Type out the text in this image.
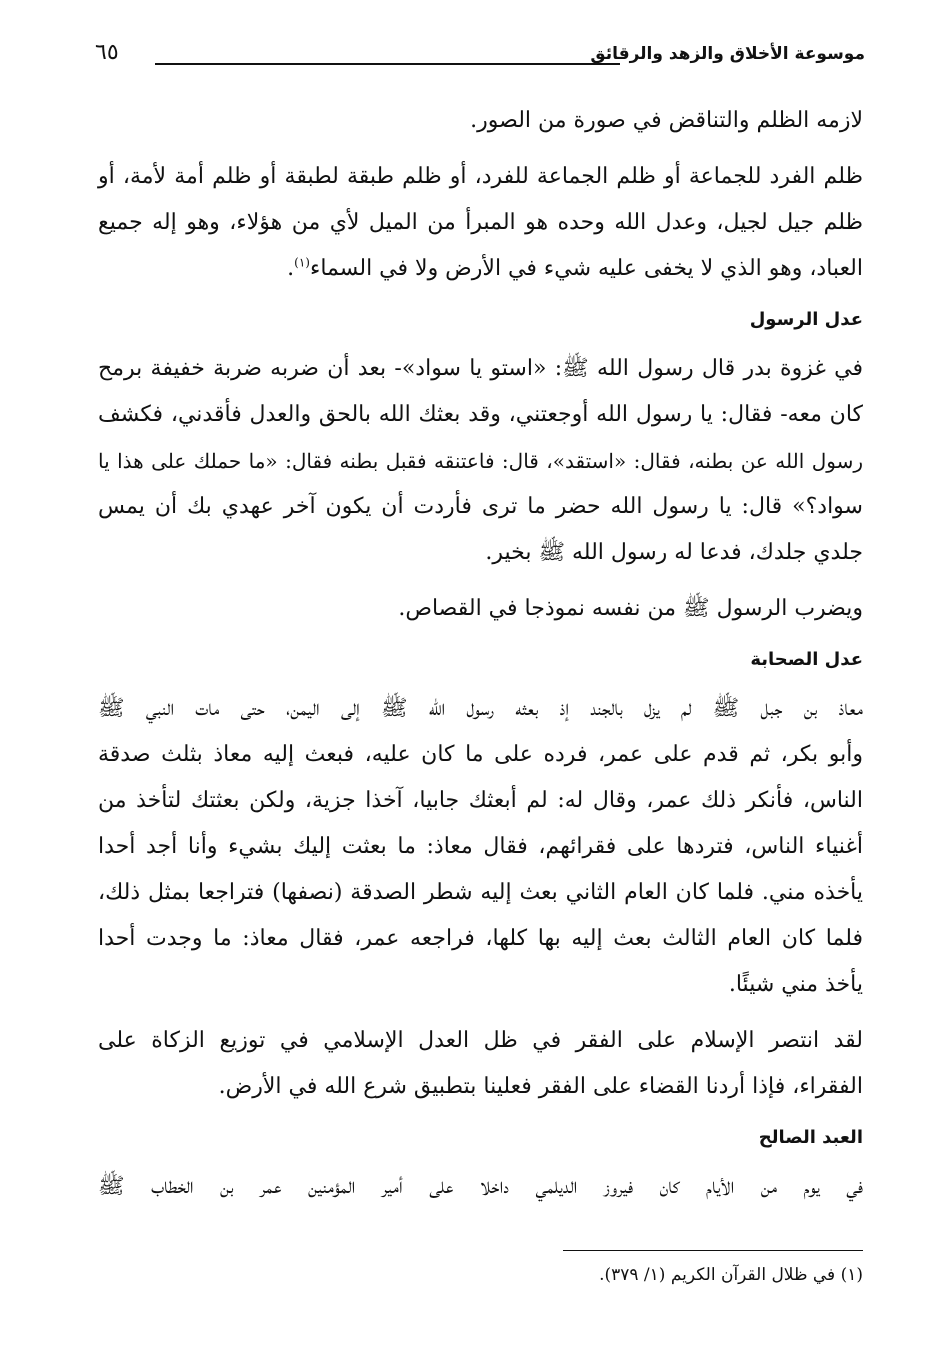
موسوعة الأخلاق والزهد والرقائق
٦٥

لازمه الظلم والتناقض في صورة من الصور.

ظلم الفرد للجماعة أو ظلم الجماعة للفرد، أو ظلم طبقة لطبقة أو ظلم أمة لأمة، أو
ظلم جيل لجيل، وعدل الله وحده هو المبرأ من الميل لأي من هؤلاء، وهو إله جميع
العباد، وهو الذي لا يخفى عليه شيء في الأرض ولا في السماء$^{(١)}$.

عدل الرسول

في غزوة بدر قال رسول الله ﷺ: «استو يا سواد»- بعد أن ضربه ضربة خفيفة برمح
كان معه- فقال: يا رسول الله أوجعتني، وقد بعثك الله بالحق والعدل فأقدني، فكشف
رسول الله عن بطنه، فقال: «استقد»، قال: فاعتنقه فقبل بطنه فقال: «ما حملك على هذا يا
سواد؟» قال: يا رسول الله حضر ما ترى فأردت أن يكون آخر عهدي بك أن يمس
جلدي جلدك، فدعا له رسول الله ﷺ بخير.

ويضرب الرسول ﷺ من نفسه نموذجا في القصاص.

عدل الصحابة

معاذ بن جبل ﷺ لم يزل بالجند إذ بعثه رسول الله ﷺ إلى اليمن، حتى مات النبي ﷺ
وأبو بكر، ثم قدم على عمر، فرده على ما كان عليه، فبعث إليه معاذ بثلث صدقة
الناس، فأنكر ذلك عمر، وقال له: لم أبعثك جابيا، آخذا جزية، ولكن بعثتك لتأخذ من
أغنياء الناس، فتردها على فقرائهم، فقال معاذ: ما بعثت إليك بشيء وأنا أجد أحدا
يأخذه مني. فلما كان العام الثاني بعث إليه شطر الصدقة (نصفها) فتراجعا بمثل ذلك،
فلما كان العام الثالث بعث إليه بها كلها، فراجعه عمر، فقال معاذ: ما وجدت أحدا
يأخذ مني شيئًا.

لقد انتصر الإسلام على الفقر في ظل العدل الإسلامي في توزيع الزكاة على
الفقراء، فإذا أردنا القضاء على الفقر فعلينا بتطبيق شرع الله في الأرض.

العبد الصالح

في يوم من الأيام كان فيروز الديلمي داخلا على أمير المؤمنين عمر بن الخطاب ﷺ

(١) في ظلال القرآن الكريم (١/ ٣٧٩).
